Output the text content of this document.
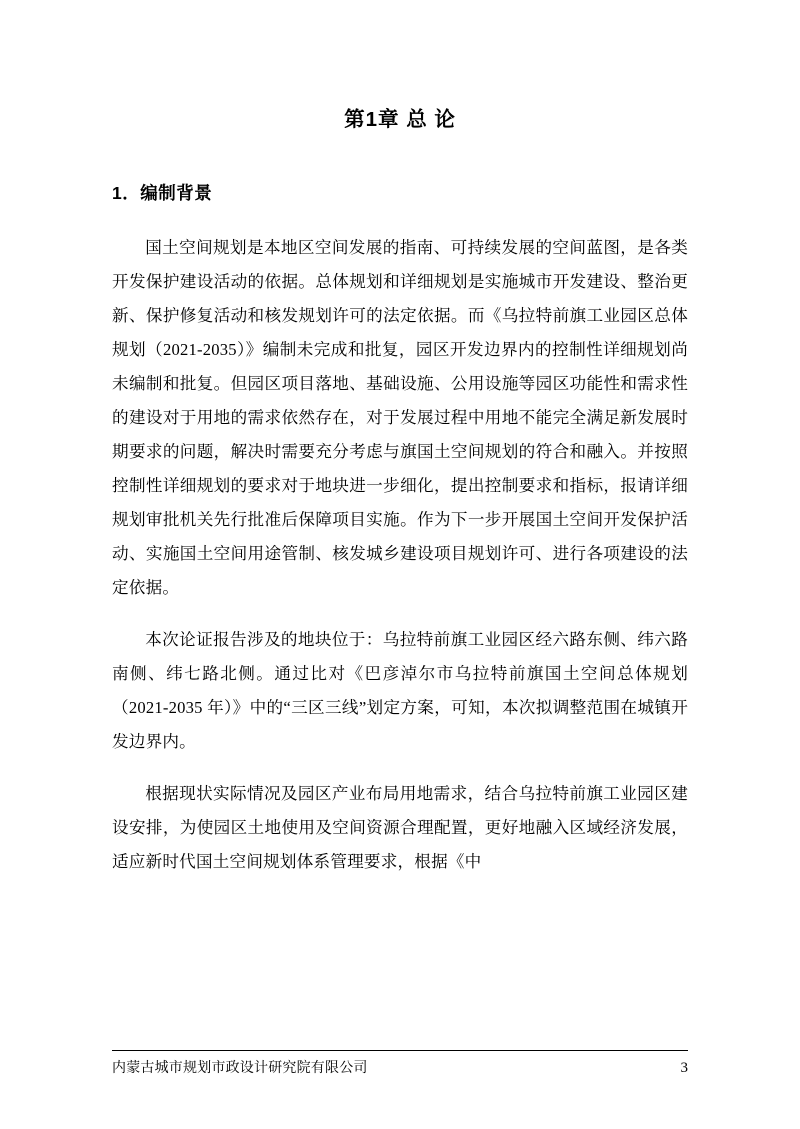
第1章 总 论
1．编制背景

国土空间规划是本地区空间发展的指南、可持续发展的空间蓝图，是各类开发保护建设活动的依据。总体规划和详细规划是实施城市开发建设、整治更新、保护修复活动和核发规划许可的法定依据。而《乌拉特前旗工业园区总体规划（2021-2035）》编制未完成和批复，园区开发边界内的控制性详细规划尚未编制和批复。但园区项目落地、基础设施、公用设施等园区功能性和需求性的建设对于用地的需求依然存在，对于发展过程中用地不能完全满足新发展时期要求的问题，解决时需要充分考虑与旗国土空间规划的符合和融入。并按照控制性详细规划的要求对于地块进一步细化，提出控制要求和指标，报请详细规划审批机关先行批准后保障项目实施。作为下一步开展国土空间开发保护活动、实施国土空间用途管制、核发城乡建设项目规划许可、进行各项建设的法定依据。

本次论证报告涉及的地块位于：乌拉特前旗工业园区经六路东侧、纬六路南侧、纬七路北侧。通过比对《巴彦淖尔市乌拉特前旗国土空间总体规划（2021-2035 年）》中的“三区三线”划定方案，可知，本次拟调整范围在城镇开发边界内。

根据现状实际情况及园区产业布局用地需求，结合乌拉特前旗工业园区建设安排，为使园区土地使用及空间资源合理配置，更好地融入区域经济发展，适应新时代国土空间规划体系管理要求，根据《中

内蒙古城市规划市政设计研究院有限公司	3
